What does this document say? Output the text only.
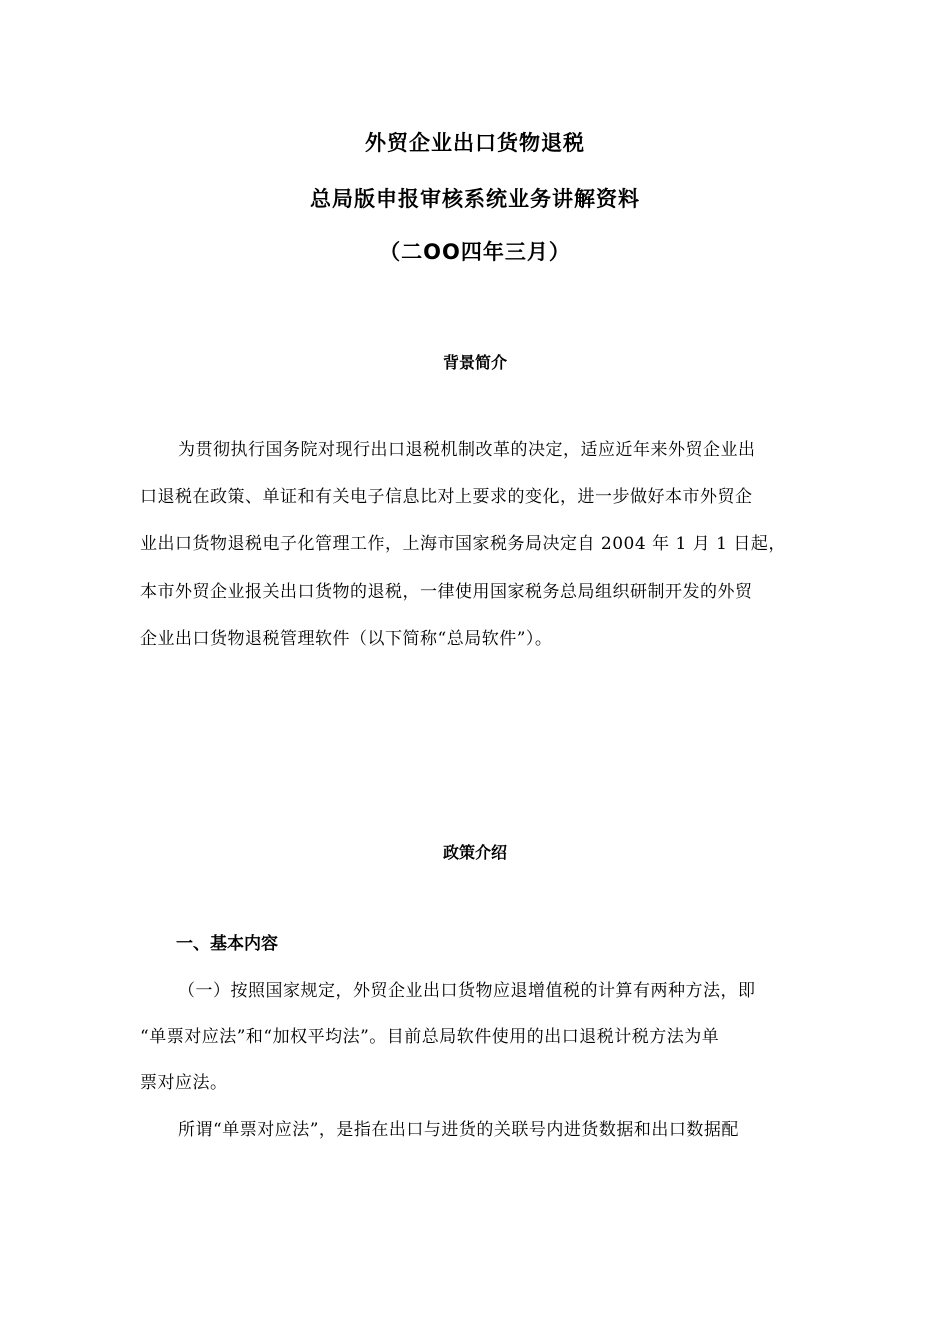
外贸企业出口货物退税
总局版申报审核系统业务讲解资料
（二OO四年三月）
背景简介
为贯彻执行国务院对现行出口退税机制改革的决定，适应近年来外贸企业出
口退税在政策、单证和有关电子信息比对上要求的变化，进一步做好本市外贸企
业出口货物退税电子化管理工作，上海市国家税务局决定自 2004 年 1 月 1 日起，
本市外贸企业报关出口货物的退税，一律使用国家税务总局组织研制开发的外贸
企业出口货物退税管理软件（以下简称“总局软件”）。
政策介绍
一、基本内容
（一）按照国家规定，外贸企业出口货物应退增值税的计算有两种方法，即
“单票对应法”和“加权平均法”。目前总局软件使用的出口退税计税方法为单
票对应法。
所谓“单票对应法”，是指在出口与进货的关联号内进货数据和出口数据配
